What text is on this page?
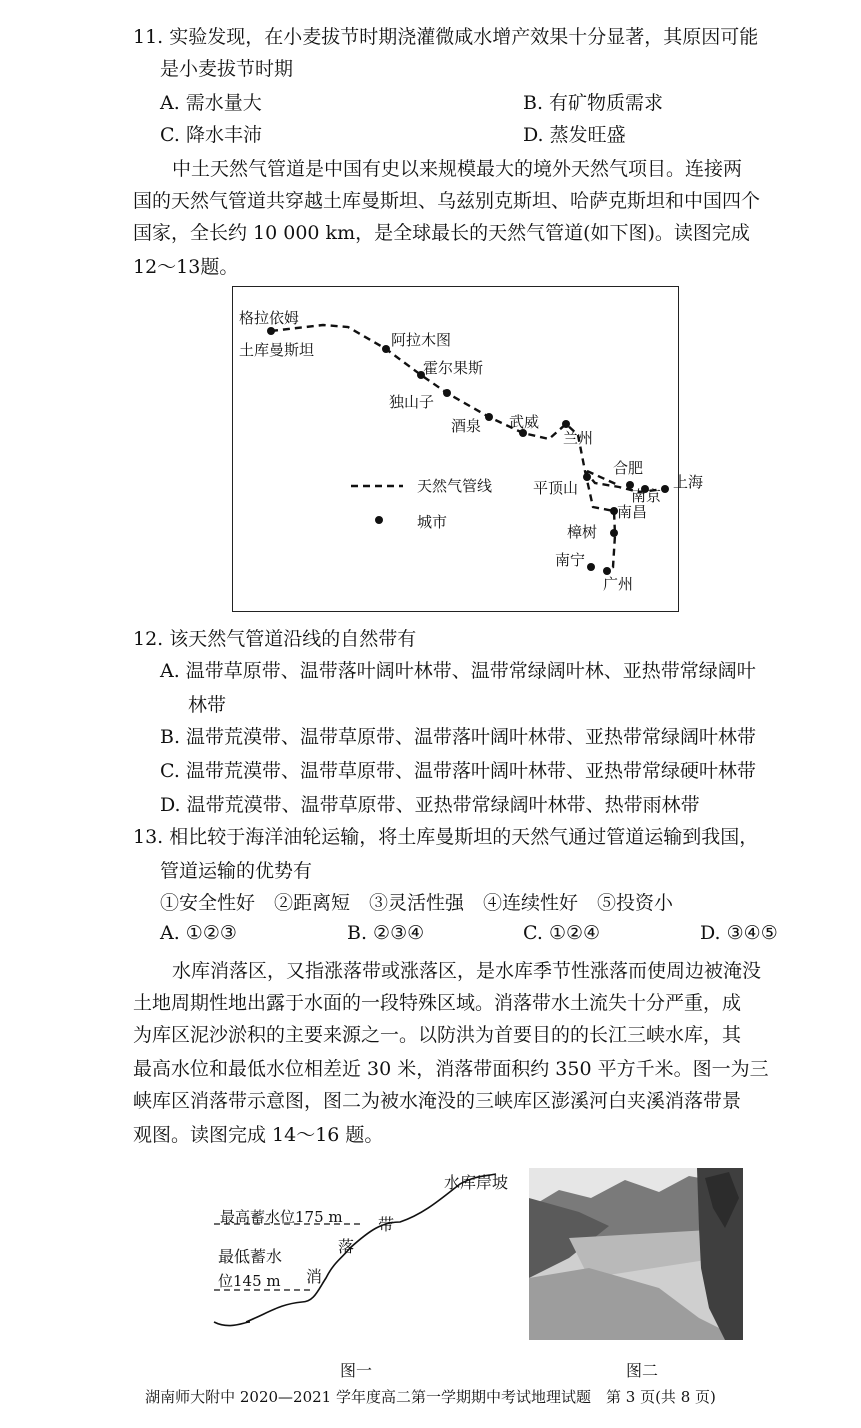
11. 实验发现，在小麦拔节时期浇灌微咸水增产效果十分显著，其原因可能
是小麦拔节时期
A. 需水量大	B. 有矿物质需求
C. 降水丰沛	D. 蒸发旺盛
中土天然气管道是中国有史以来规模最大的境外天然气项目。连接两
国的天然气管道共穿越土库曼斯坦、乌兹别克斯坦、哈萨克斯坦和中国四个
国家，全长约 10 000 km，是全球最长的天然气管道(如下图)。读图完成
12～13题。
格拉依姆
土库曼斯坦
阿拉木图
霍尔果斯
独山子
酒泉 武威
兰州
合肥
上海
平顶山	南京
南昌
樟树
南宁
广州
天然气管线
城市
12. 该天然气管道沿线的自然带有
A. 温带草原带、温带落叶阔叶林带、温带常绿阔叶林、亚热带常绿阔叶
林带
B. 温带荒漠带、温带草原带、温带落叶阔叶林带、亚热带常绿阔叶林带
C. 温带荒漠带、温带草原带、温带落叶阔叶林带、亚热带常绿硬叶林带
D. 温带荒漠带、温带草原带、亚热带常绿阔叶林带、热带雨林带
13. 相比较于海洋油轮运输，将土库曼斯坦的天然气通过管道运输到我国，
管道运输的优势有
①安全性好　②距离短　③灵活性强　④连续性好　⑤投资小
A. ①②③	B. ②③④	C. ①②④	D. ③④⑤
水库消落区，又指涨落带或涨落区，是水库季节性涨落而使周边被淹没
土地周期性地出露于水面的一段特殊区域。消落带水土流失十分严重，成
为库区泥沙淤积的主要来源之一。以防洪为首要目的的长江三峡水库，其
最高水位和最低水位相差近 30 米，消落带面积约 350 平方千米。图一为三
峡库区消落带示意图，图二为被水淹没的三峡库区澎溪河白夹溪消落带景
观图。读图完成 14～16 题。
水库岸坡
最高蓄水位175 m
最低蓄水
位145 m 消
落
带
图一	图二
湖南师大附中 2020—2021 学年度高二第一学期期中考试地理试题　第 3 页(共 8 页)
